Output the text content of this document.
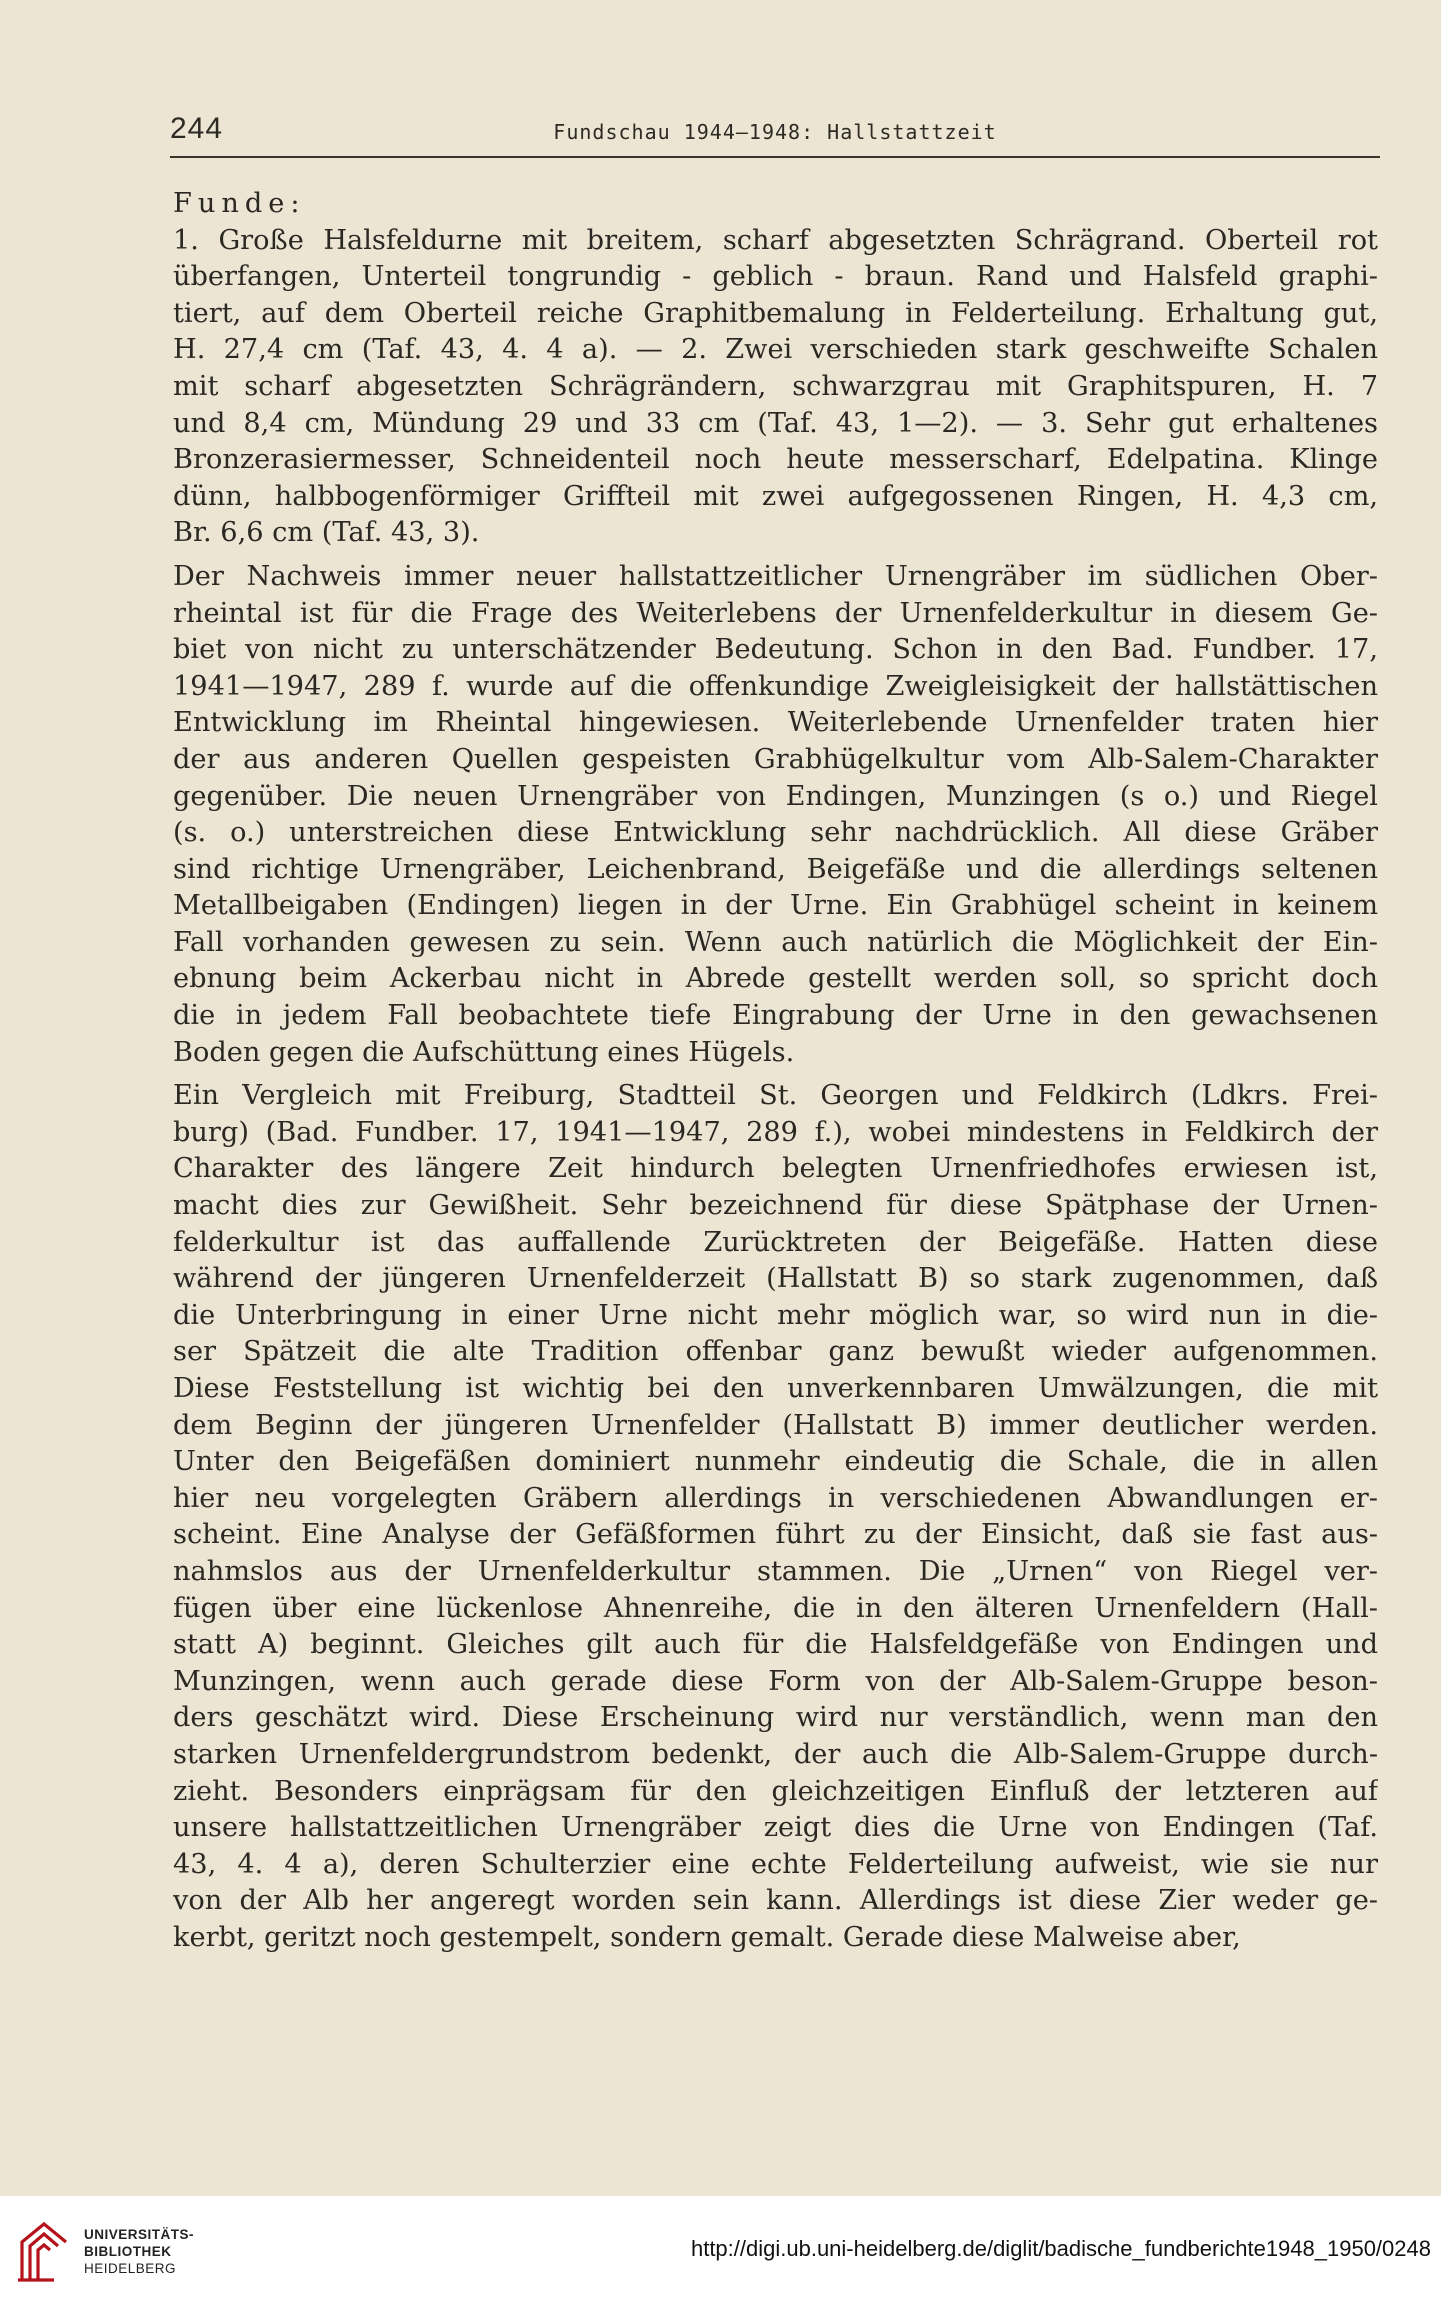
244	Fundschau 1944—1948: Hallstattzeit
Funde:
1. Große Halsfeldurne mit breitem, scharf abgesetzten Schrägrand. Oberteil rot
überfangen, Unterteil tongrundig - geblich - braun. Rand und Halsfeld graphi-
tiert, auf dem Oberteil reiche Graphitbemalung in Felderteilung. Erhaltung gut,
H. 27,4 cm (Taf. 43, 4. 4 a). — 2. Zwei verschieden stark geschweifte Schalen
mit scharf abgesetzten Schrägrändern, schwarzgrau mit Graphitspuren, H. 7
und 8,4 cm, Mündung 29 und 33 cm (Taf. 43, 1—2). — 3. Sehr gut erhaltenes
Bronzerasiermesser, Schneidenteil noch heute messerscharf, Edelpatina. Klinge
dünn, halbbogenförmiger Griffteil mit zwei aufgegossenen Ringen, H. 4,3 cm,
Br. 6,6 cm (Taf. 43, 3).
Der Nachweis immer neuer hallstattzeitlicher Urnengräber im südlichen Ober-
rheintal ist für die Frage des Weiterlebens der Urnenfelderkultur in diesem Ge-
biet von nicht zu unterschätzender Bedeutung. Schon in den Bad. Fundber. 17,
1941—1947, 289 f. wurde auf die offenkundige Zweigleisigkeit der hallstättischen
Entwicklung im Rheintal hingewiesen. Weiterlebende Urnenfelder traten hier
der aus anderen Quellen gespeisten Grabhügelkultur vom Alb-Salem-Charakter
gegenüber. Die neuen Urnengräber von Endingen, Munzingen (s o.) und Riegel
(s. o.) unterstreichen diese Entwicklung sehr nachdrücklich. All diese Gräber
sind richtige Urnengräber, Leichenbrand, Beigefäße und die allerdings seltenen
Metallbeigaben (Endingen) liegen in der Urne. Ein Grabhügel scheint in keinem
Fall vorhanden gewesen zu sein. Wenn auch natürlich die Möglichkeit der Ein-
ebnung beim Ackerbau nicht in Abrede gestellt werden soll, so spricht doch
die in jedem Fall beobachtete tiefe Eingrabung der Urne in den gewachsenen
Boden gegen die Aufschüttung eines Hügels.
Ein Vergleich mit Freiburg, Stadtteil St. Georgen und Feldkirch (Ldkrs. Frei-
burg) (Bad. Fundber. 17, 1941—1947, 289 f.), wobei mindestens in Feldkirch der
Charakter des längere Zeit hindurch belegten Urnenfriedhofes erwiesen ist,
macht dies zur Gewißheit. Sehr bezeichnend für diese Spätphase der Urnen-
felderkultur ist das auffallende Zurücktreten der Beigefäße. Hatten diese
während der jüngeren Urnenfelderzeit (Hallstatt B) so stark zugenommen, daß
die Unterbringung in einer Urne nicht mehr möglich war, so wird nun in die-
ser Spätzeit die alte Tradition offenbar ganz bewußt wieder aufgenommen.
Diese Feststellung ist wichtig bei den unverkennbaren Umwälzungen, die mit
dem Beginn der jüngeren Urnenfelder (Hallstatt B) immer deutlicher werden.
Unter den Beigefäßen dominiert nunmehr eindeutig die Schale, die in allen
hier neu vorgelegten Gräbern allerdings in verschiedenen Abwandlungen er-
scheint. Eine Analyse der Gefäßformen führt zu der Einsicht, daß sie fast aus-
nahmslos aus der Urnenfelderkultur stammen. Die „Urnen“ von Riegel ver-
fügen über eine lückenlose Ahnenreihe, die in den älteren Urnenfeldern (Hall-
statt A) beginnt. Gleiches gilt auch für die Halsfeldgefäße von Endingen und
Munzingen, wenn auch gerade diese Form von der Alb-Salem-Gruppe beson-
ders geschätzt wird. Diese Erscheinung wird nur verständlich, wenn man den
starken Urnenfeldergrundstrom bedenkt, der auch die Alb-Salem-Gruppe durch-
zieht. Besonders einprägsam für den gleichzeitigen Einfluß der letzteren auf
unsere hallstattzeitlichen Urnengräber zeigt dies die Urne von Endingen (Taf.
43, 4. 4 a), deren Schulterzier eine echte Felderteilung aufweist, wie sie nur
von der Alb her angeregt worden sein kann. Allerdings ist diese Zier weder ge-
kerbt, geritzt noch gestempelt, sondern gemalt. Gerade diese Malweise aber,
UNIVERSITÄTS-
BIBLIOTHEK
HEIDELBERG
http://digi.ub.uni-heidelberg.de/diglit/badische_fundberichte1948_1950/0248
